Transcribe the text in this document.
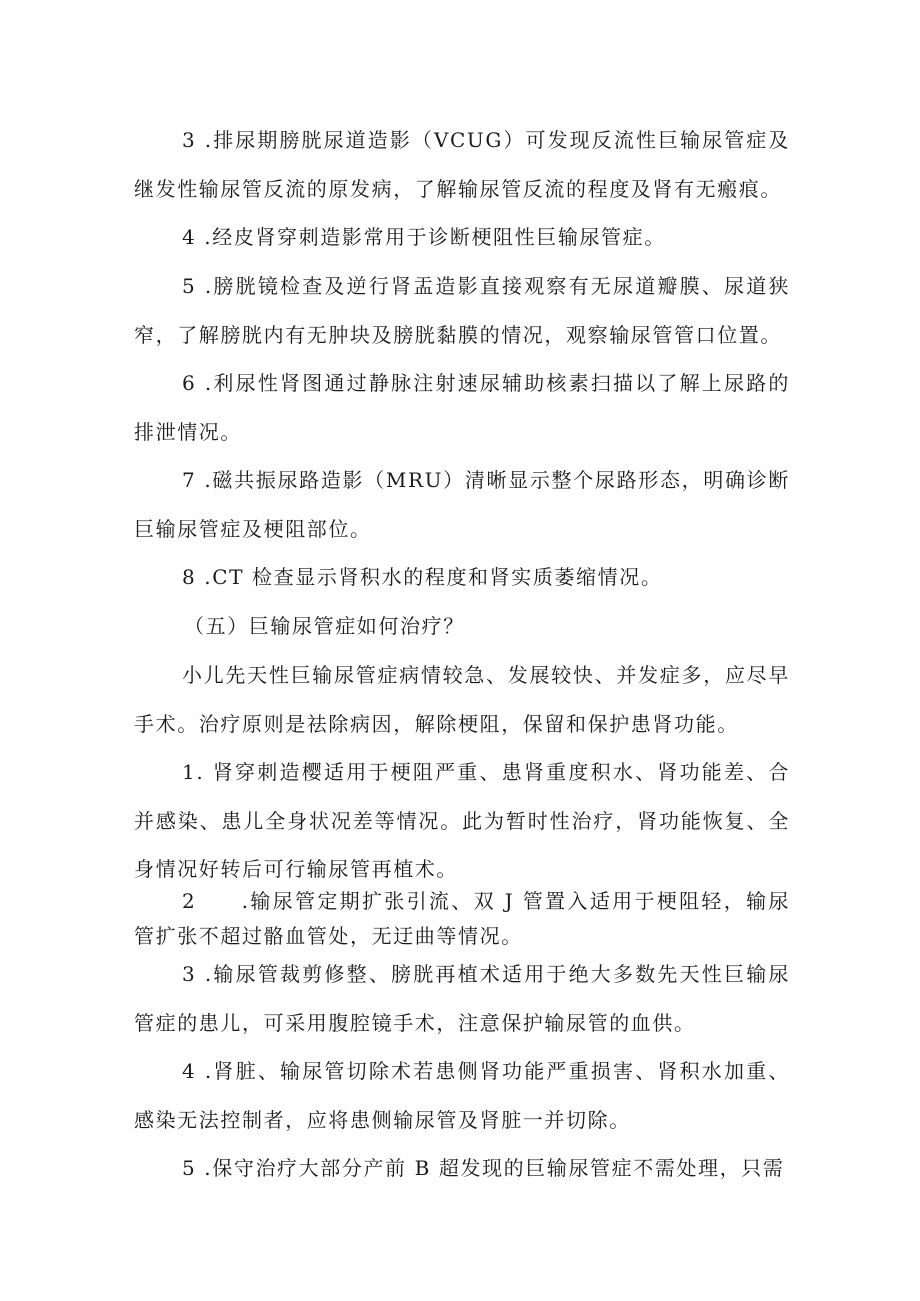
3 .排尿期膀胱尿道造影（VCUG）可发现反流性巨输尿管症及继发性输尿管反流的原发病，了解输尿管反流的程度及肾有无瘢痕。

4 .经皮肾穿刺造影常用于诊断梗阻性巨输尿管症。

5 .膀胱镜检查及逆行肾盂造影直接观察有无尿道瓣膜、尿道狭窄，了解膀胱内有无肿块及膀胱黏膜的情况，观察输尿管管口位置。

6 .利尿性肾图通过静脉注射速尿辅助核素扫描以了解上尿路的排泄情况。

7 .磁共振尿路造影（MRU）清晰显示整个尿路形态，明确诊断巨输尿管症及梗阻部位。

8 .CT 检查显示肾积水的程度和肾实质萎缩情况。

（五）巨输尿管症如何治疗？

小儿先天性巨输尿管症病情较急、发展较快、并发症多，应尽早手术。治疗原则是祛除病因，解除梗阻，保留和保护患肾功能。

1. 肾穿刺造樱适用于梗阻严重、患肾重度积水、肾功能差、合并感染、患儿全身状况差等情况。此为暂时性治疗，肾功能恢复、全身情况好转后可行输尿管再植术。

2　　.输尿管定期扩张引流、双 J 管置入适用于梗阻轻，输尿管扩张不超过骼血管处，无迂曲等情况。

3 .输尿管裁剪修整、膀胱再植术适用于绝大多数先天性巨输尿管症的患儿，可采用腹腔镜手术，注意保护输尿管的血供。

4 .肾脏、输尿管切除术若患侧肾功能严重损害、肾积水加重、感染无法控制者，应将患侧输尿管及肾脏一并切除。

5 .保守治疗大部分产前 B 超发现的巨输尿管症不需处理，只需
